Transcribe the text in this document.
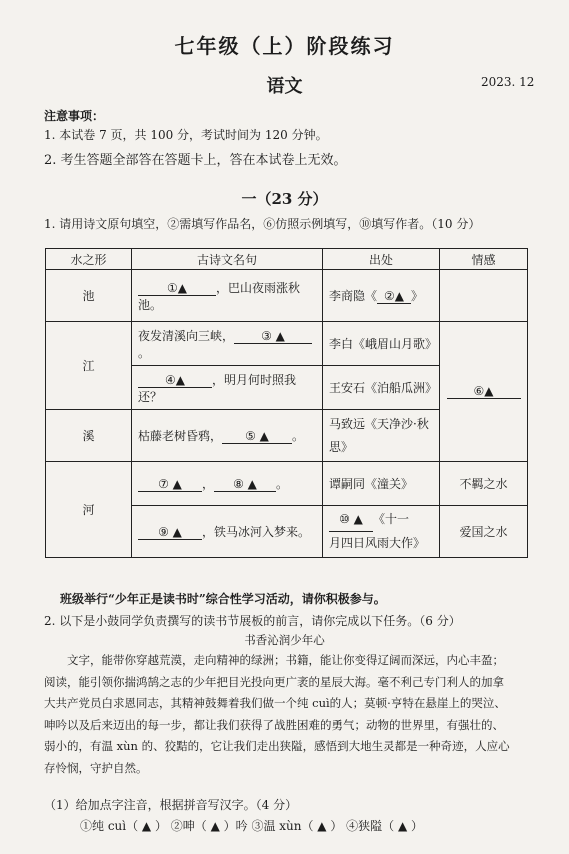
七年级（上）阶段练习
语文	2023. 12
注意事项：
1. 本试卷 7 页，共 100 分，考试时间为 120 分钟。
2. 考生答题全部答在答题卡上，答在本试卷上无效。
一（23 分）
1. 请用诗文原句填空，②需填写作品名，⑥仿照示例填写，⑩填写作者。（10 分）
水之形	古诗文名句	出处	情感
池	①▲ ，巴山夜雨涨秋池。	李商隐《 ②▲ 》	
江	夜发清溪向三峡， ③ ▲。	李白《峨眉山月歌》	⑥▲
	④▲ ，明月何时照我还？	王安石《泊船瓜洲》	
溪	枯藤老树昏鸦， ⑤ ▲ 。	马致远《天净沙·秋
思》	
河	⑦ ▲ ， ⑧ ▲ 。	谭嗣同《潼关》	不羁之水
	⑨ ▲ ，铁马冰河入梦来。	⑩ ▲ 《十一
月四日风雨大作》	爱国之水
班级举行“少年正是读书时”综合性学习活动，请你积极参与。
2. 以下是小鼓同学负责撰写的读书节展板的前言，请你完成以下任务。（6 分）
书香沁润少年心
文字，能带你穿越荒漠，走向精神的绿洲；书籍，能让你变得辽阔而深远，内心丰盈；
阅读，能引领你揣鸿鹄之志的少年把目光投向更广袤的星辰大海。毫不利己专门利人的加拿
大共产党员白求恩同志，其精神鼓舞着我们做一个纯 cuì的人；莫顿·亨特在悬崖上的哭泣、
呻吟以及后来迈出的每一步，都让我们获得了战胜困难的勇气；动物的世界里，有强壮的、
弱小的，有温 xùn 的、狡黠的，它让我们走出狭隘，感悟到大地生灵都是一种奇迹，人应心
存怜悯，守护自然。
（1）给加点字注音，根据拼音写汉字。（4 分）
①纯 cuì（ ▲ ） ②呻（ ▲ ）吟 ③温 xùn（ ▲ ） ④狭隘（ ▲ ）
